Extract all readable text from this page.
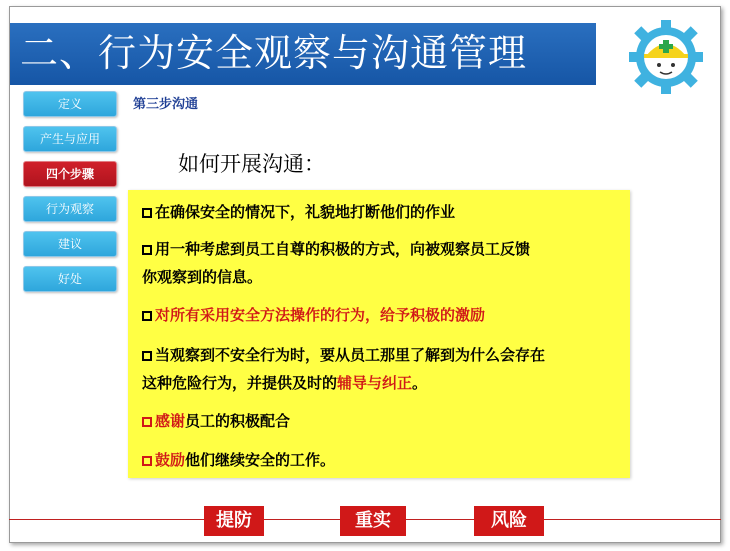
二、行为安全观察与沟通管理
定义
产生与应用
四个步骤
行为观察
建议
好处
第三步沟通
如何开展沟通：
在确保安全的情况下，礼貌地打断他们的作业
用一种考虑到员工自尊的积极的方式，向被观察员工反馈
你观察到的信息。
对所有采用安全方法操作的行为，给予积极的激励
当观察到不安全行为时，要从员工那里了解到为什么会存在
这种危险行为，并提供及时的辅导与纠正。
感谢员工的积极配合
鼓励他们继续安全的工作。
提防	重实	风险
